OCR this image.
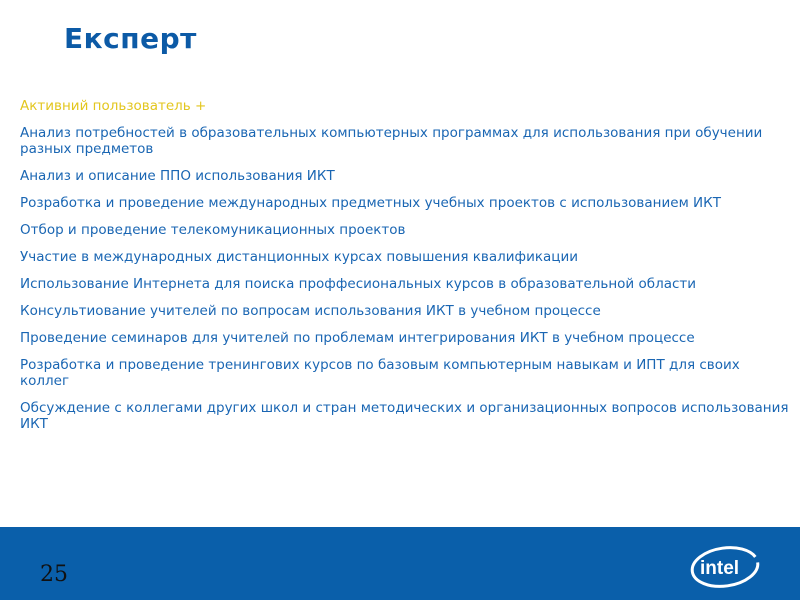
Експерт

Активний пользователь +

Анализ потребностей в образовательных компьютерных программах для использования при обучении разных предметов

Анализ и описание ППО использования ИКТ

Розработка и проведение международных предметных учебных проектов с использованием ИКТ

Отбор и проведение телекомуникационных проектов

Участие в международных дистанционных курсах повышения квалификации

Использование Интернета для поиска проффесиональных курсов в образовательной области

Консультиование учителей по вопросам использования ИКТ в учебном процессе

Проведение семинаров для учителей по проблемам интегрирования ИКТ в учебном процессе

Розработка и проведение тренингових курсов по базовым компьютерным навыкам и ИПТ для своих коллег

Обсуждение с коллегами других школ и стран методических и организационных вопросов использования ИКТ

25	intel
